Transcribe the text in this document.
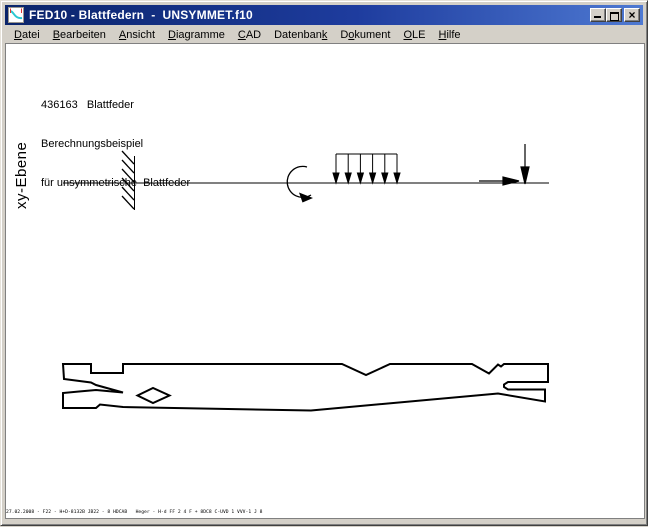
FED10 - Blattfedern  -  UNSYMMET.f10	×
Datei Bearbeiten Ansicht Diagramme CAD Datenbank Dokument OLE Hilfe

436163   Blattfeder

Berechnungsbeispiel

für unsymmetrische  Blattfeder

xy-Ebene
27.02.2008 - F22 - H+D-8132B JB22 - 8 HDCAB   Heger - H-d FF 2 4 F + 8DC8 C-UVD 1 VVV-1 J 8
